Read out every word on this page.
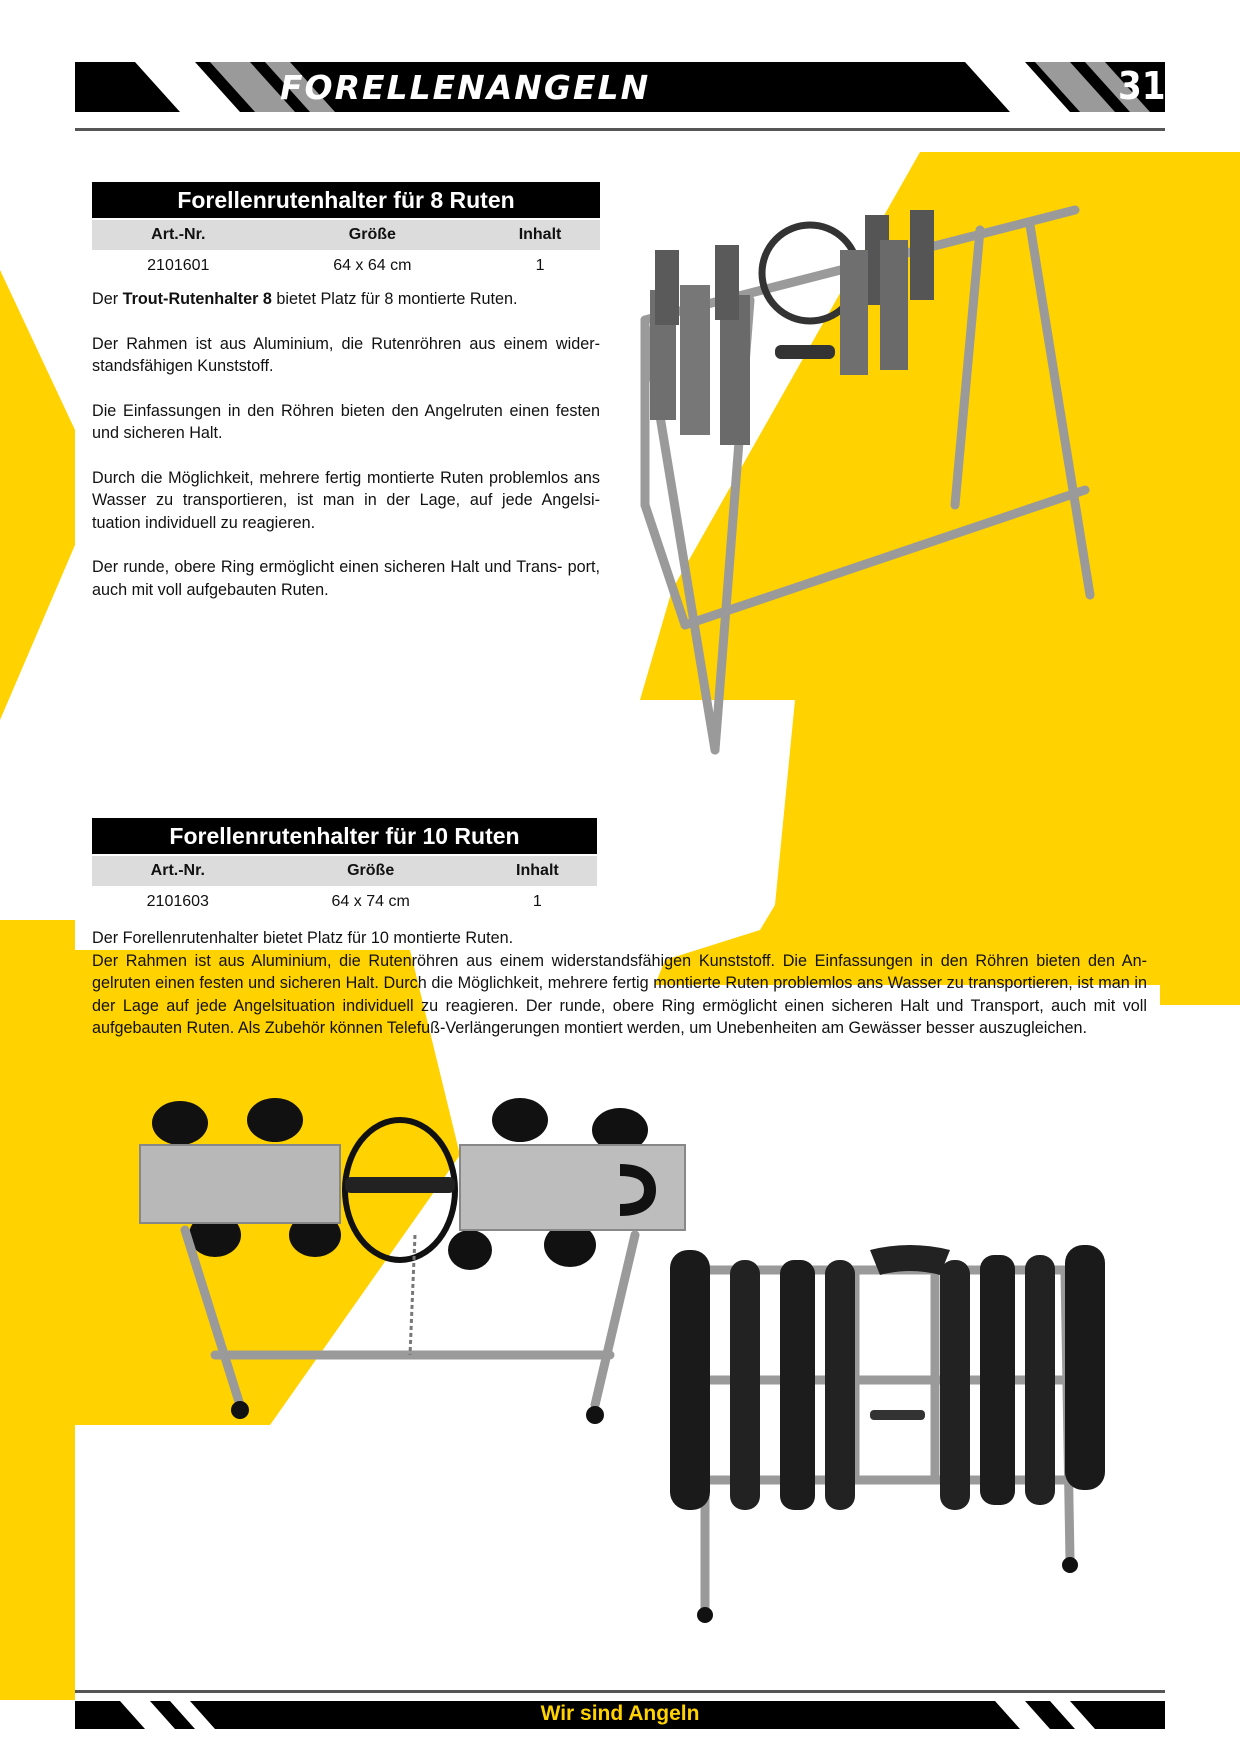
FORELLENANGELN	315
Forellenrutenhalter für 8 Ruten
Art.-Nr.	Größe	Inhalt
2101601	64 x 64 cm	1

Der Trout-Rutenhalter 8 bietet Platz für 8 montierte Ruten.

Der Rahmen ist aus Aluminium, die Rutenröhren aus einem wider- standsfähigen Kunststoff.

Die Einfassungen in den Röhren bieten den Angelruten einen festen und sicheren Halt.

Durch die Möglichkeit, mehrere fertig montierte Ruten problemlos ans Wasser zu transportieren, ist man in der Lage, auf jede Angelsi- tuation individuell zu reagieren.

Der runde, obere Ring ermöglicht einen sicheren Halt und Trans- port, auch mit voll aufgebauten Ruten.

Forellenrutenhalter für 10 Ruten
Art.-Nr.	Größe	Inhalt
2101603	64 x 74 cm	1
Der Forellenrutenhalter bietet Platz für 10 montierte Ruten.
Der Rahmen ist aus Aluminium, die Rutenröhren aus einem widerstandsfähigen Kunststoff. Die Einfassungen in den Röhren bieten den An- gelruten einen festen und sicheren Halt. Durch die Möglichkeit, mehrere fertig montierte Ruten problemlos ans Wasser zu transportieren, ist man in der Lage auf jede Angelsituation individuell zu reagieren. Der runde, obere Ring ermöglicht einen sicheren Halt und Transport, auch mit voll aufgebauten Ruten. Als Zubehör können Telefuß-Verlängerungen montiert werden, um Unebenheiten am Gewässer besser auszugleichen.
Wir sind Angeln
